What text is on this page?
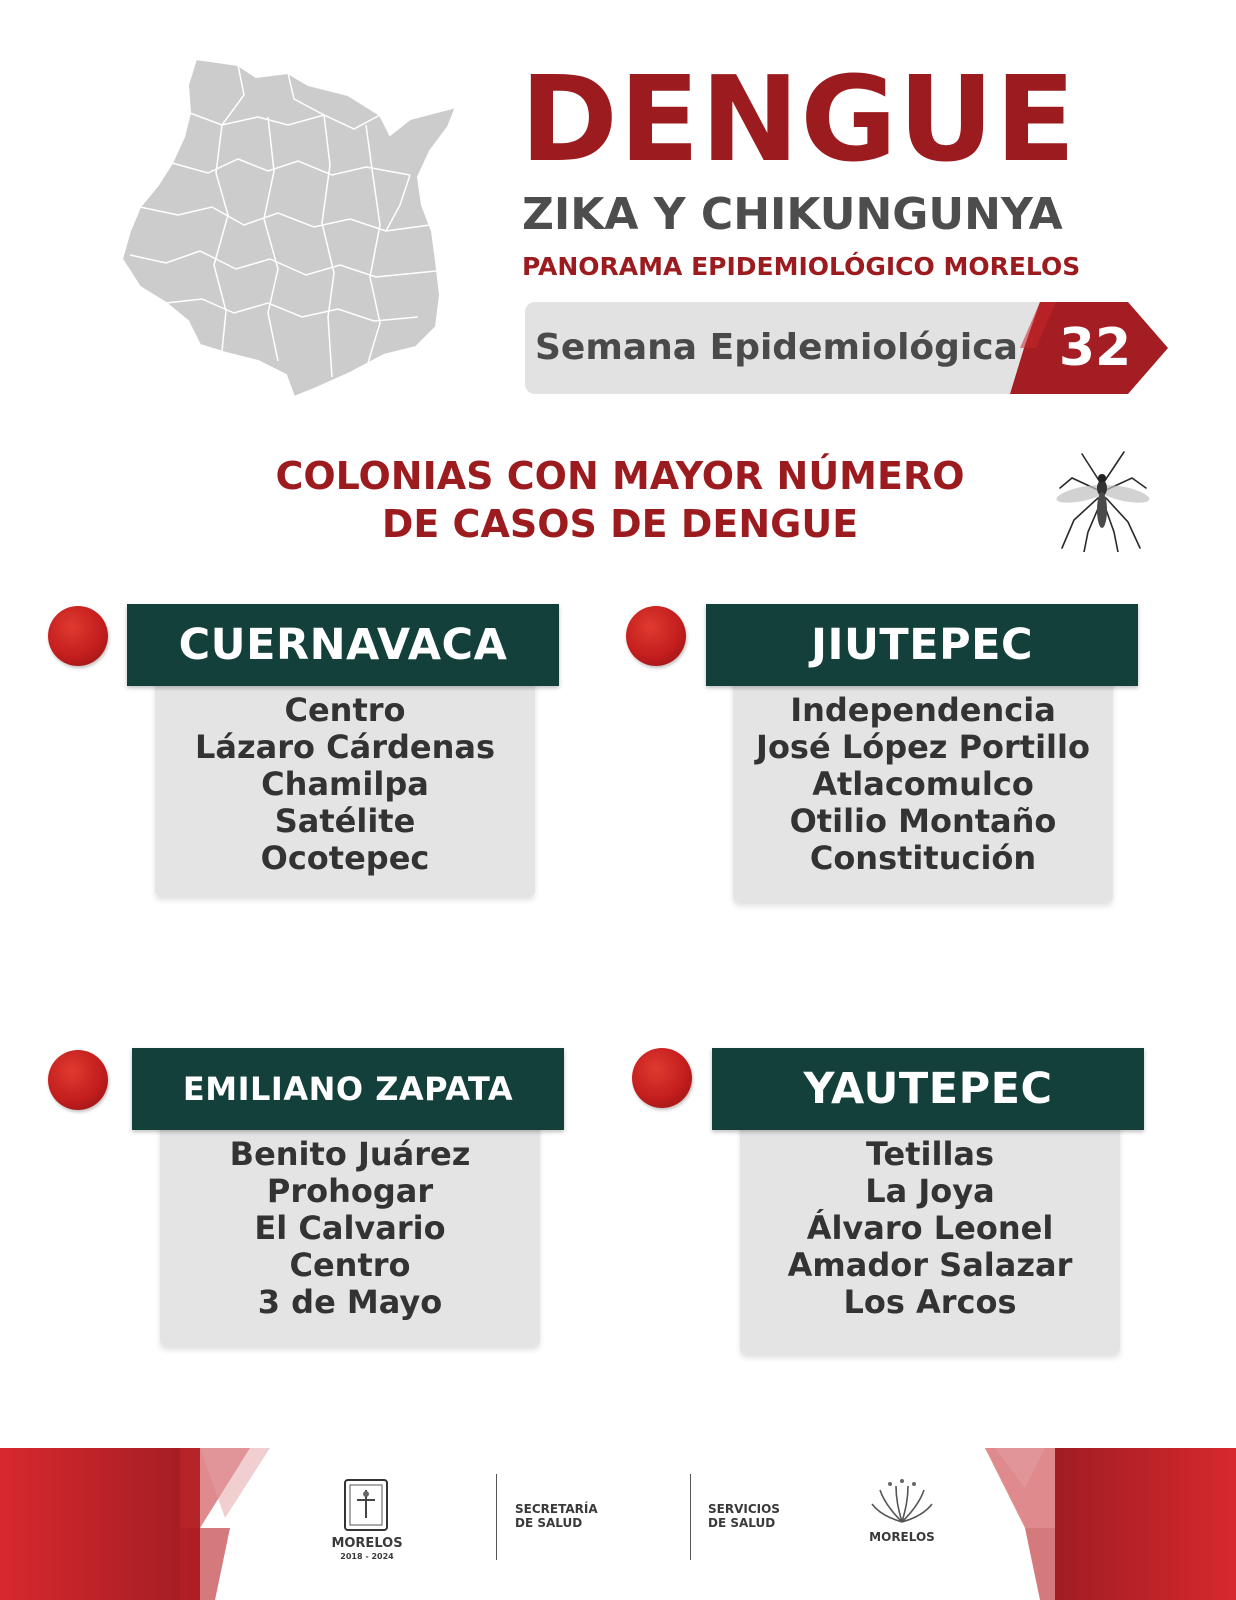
DENGUE
ZIKA Y CHIKUNGUNYA
PANORAMA EPIDEMIOLÓGICO MORELOS
Semana Epidemiológica 32
COLONIAS CON MAYOR NÚMERO
DE CASOS DE DENGUE
CUERNAVACA
Centro
Lázaro Cárdenas
Chamilpa
Satélite
Ocotepec
JIUTEPEC
Independencia
José López Portillo
Atlacomulco
Otilio Montaño
Constitución
EMILIANO ZAPATA
Benito Juárez
Prohogar
El Calvario
Centro
3 de Mayo
YAUTEPEC
Tetillas
La Joya
Álvaro Leonel
Amador Salazar
Los Arcos
MORELOS
2018 - 2024
SECRETARÍA
DE SALUD
SERVICIOS
DE SALUD
MORELOS
